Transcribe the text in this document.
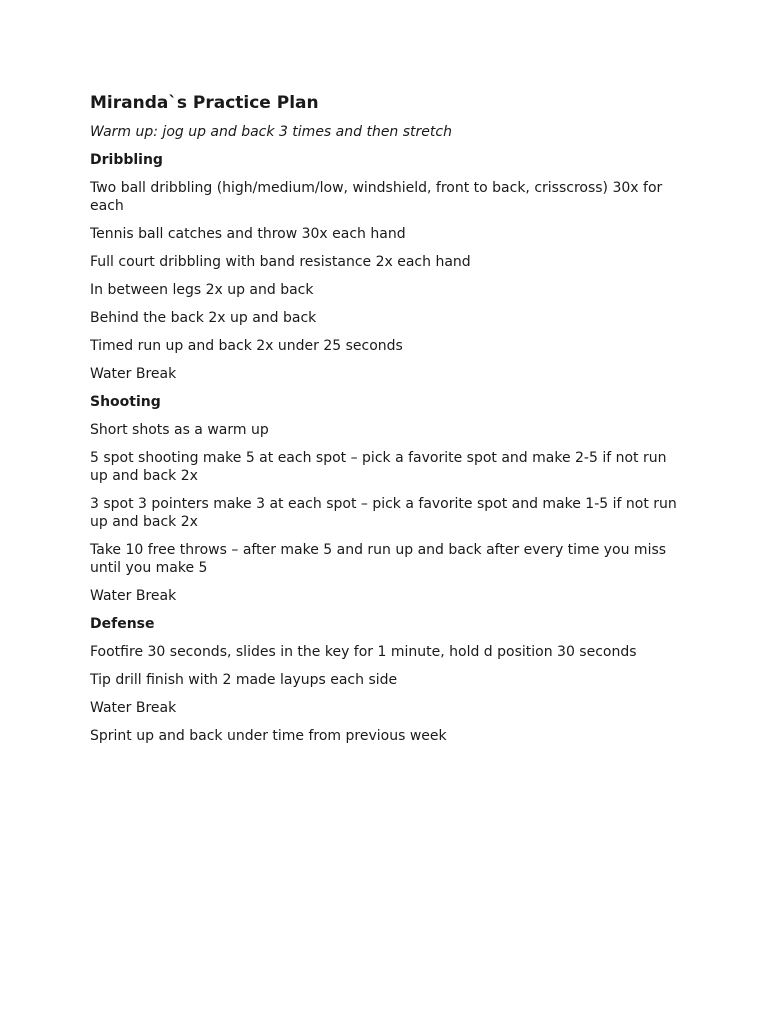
Miranda`s Practice Plan
Warm up: jog up and back 3 times and then stretch
Dribbling
Two ball dribbling (high/medium/low, windshield, front to back, crisscross) 30x for each
Tennis ball catches and throw 30x each hand
Full court dribbling with band resistance 2x each hand
In between legs 2x up and back
Behind the back 2x up and back
Timed run up and back 2x under 25 seconds
Water Break
Shooting
Short shots as a warm up
5 spot shooting make 5 at each spot – pick a favorite spot and make 2-5 if not run up and back 2x
3 spot 3 pointers make 3 at each spot – pick a favorite spot and make 1-5 if not run up and back 2x
Take 10 free throws – after make 5 and run up and back after every time you miss until you make 5
Water Break
Defense
Footfire 30 seconds, slides in the key for 1 minute, hold d position 30 seconds
Tip drill finish with 2 made layups each side
Water Break
Sprint up and back under time from previous week
